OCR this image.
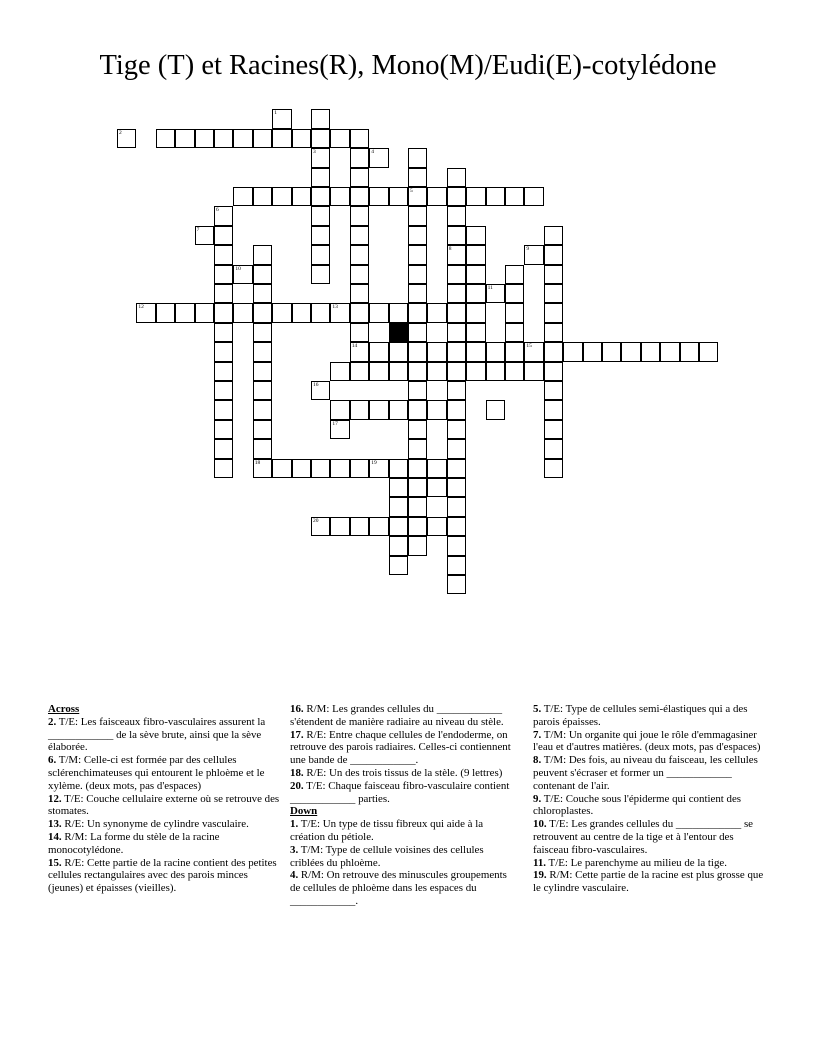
Tige (T) et Racines(R), Mono(M)/Eudi(E)-cotylédone
3
5
8
6
18
13
15
19
20
1
2
4
7
9
10
11
12
14
16
17
Across
2. T/E: Les faisceaux fibro-vasculaires assurent la ____________ de la sève brute, ainsi que la sève élaborée.
6. T/M: Celle-ci est formée par des cellules sclérenchimateuses qui entourent le phloème et le xylème. (deux mots, pas d'espaces)
12. T/E: Couche cellulaire externe où se retrouve des stomates.
13. R/E: Un synonyme de cylindre vasculaire.
14. R/M: La forme du stèle de la racine monocotylédone.
15. R/E: Cette partie de la racine contient des petites cellules rectangulaires avec des parois minces (jeunes) et épaisses (vieilles).
16. R/M: Les grandes cellules du ____________ s'étendent de manière radiaire au niveau du stèle.
17. R/E: Entre chaque cellules de l'endoderme, on retrouve des parois radiaires. Celles-ci contiennent une bande de ____________.
18. R/E: Un des trois tissus de la stèle. (9 lettres)
20. T/E: Chaque faisceau fibro-vasculaire contient ____________ parties.
Down
1. T/E: Un type de tissu fibreux qui aide à la création du pétiole.
3. T/M: Type de cellule voisines des cellules criblées du phloème.
4. R/M: On retrouve des minuscules groupements de cellules de phloème dans les espaces du ____________.
5. T/E: Type de cellules semi-élastiques qui a des parois épaisses.
7. T/M: Un organite qui joue le rôle d'emmagasiner l'eau et d'autres matières. (deux mots, pas d'espaces)
8. T/M: Des fois, au niveau du faisceau, les cellules peuvent s'écraser et former un ____________ contenant de l'air.
9. T/E: Couche sous l'épiderme qui contient des chloroplastes.
10. T/E: Les grandes cellules du ____________ se retrouvent au centre de la tige et à l'entour des faisceau fibro-vasculaires.
11. T/E: Le parenchyme au milieu de la tige.
19. R/M: Cette partie de la racine est plus grosse que le cylindre vasculaire.
